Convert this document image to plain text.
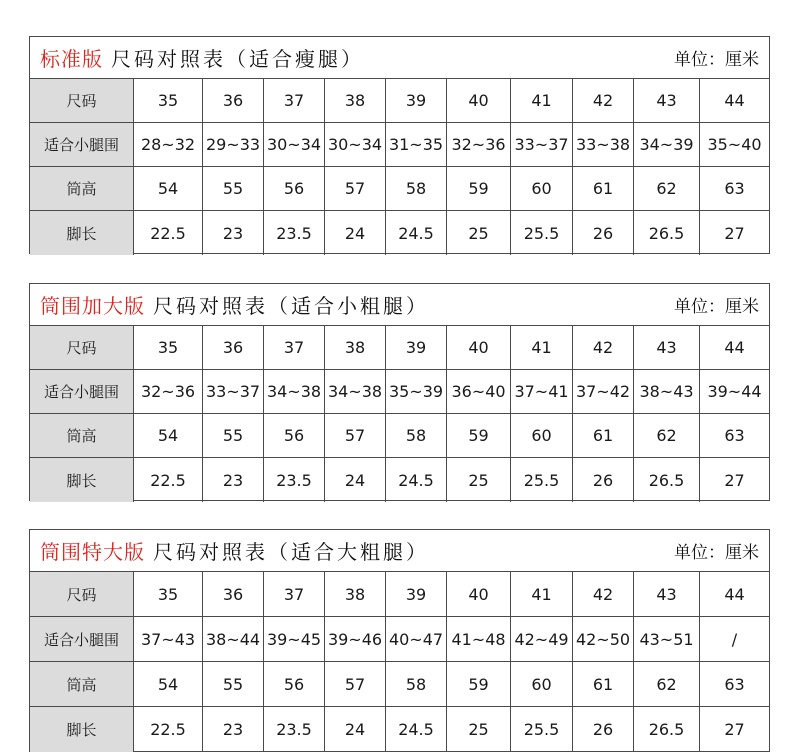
标准版 尺码对照表（适合瘦腿）	单位：厘米
尺码	35	36	37	38	39	40	41	42	43	44
适合小腿围	28~32 29~33 30~34 30~34 31~35 32~36 33~37 33~38 34~39 35~40
筒高	54	55	56	57	58	59	60	61	62	63
脚长	22.5	23	23.5	24	24.5	25	25.5	26	26.5	27
筒围加大版 尺码对照表（适合小粗腿）	单位：厘米
尺码	35	36	37	38	39	40	41	42	43	44
适合小腿围	32~36 33~37 34~38 34~38 35~39 36~40 37~41 37~42 38~43 39~44
筒高	54	55	56	57	58	59	60	61	62	63
脚长	22.5	23	23.5	24	24.5	25	25.5	26	26.5	27
筒围特大版 尺码对照表（适合大粗腿）	单位：厘米
尺码	35	36	37	38	39	40	41	42	43	44
适合小腿围	37~43 38~44 39~45 39~46 40~47 41~48 42~49 42~50 43~51	/
筒高	54	55	56	57	58	59	60	61	62	63
脚长	22.5	23	23.5	24	24.5	25	25.5	26	26.5	27
